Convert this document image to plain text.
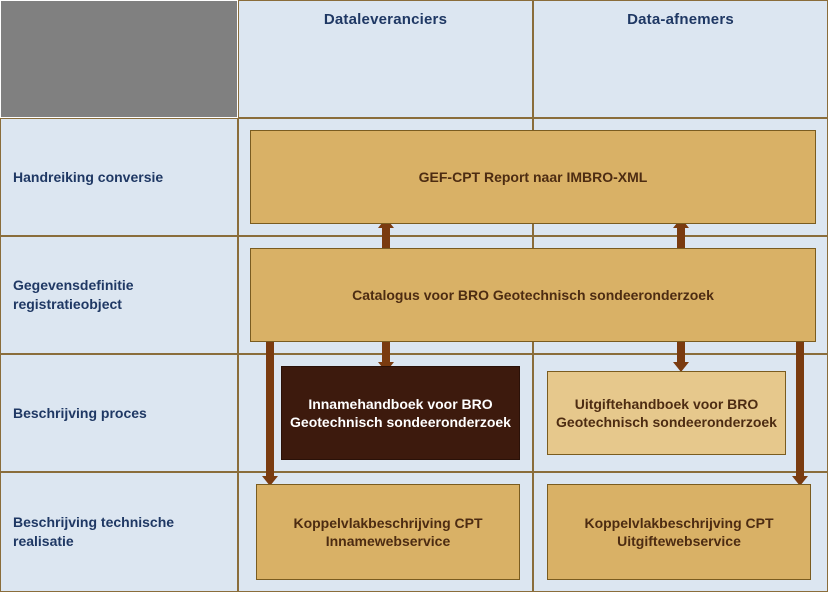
Dataleveranciers	Data-afnemers
Handreiking conversie
Gegevensdefinitie registratieobject
Beschrijving proces
Beschrijving technische realisatie
GEF-CPT Report naar IMBRO-XML
Catalogus voor BRO Geotechnisch sondeeronderzoek
Innamehandboek voor BRO Geotechnisch sondeeronderzoek
Uitgiftehandboek voor BRO Geotechnisch sondeeronderzoek
Koppelvlakbeschrijving CPT Innamewebservice
Koppelvlakbeschrijving CPT Uitgiftewebservice
